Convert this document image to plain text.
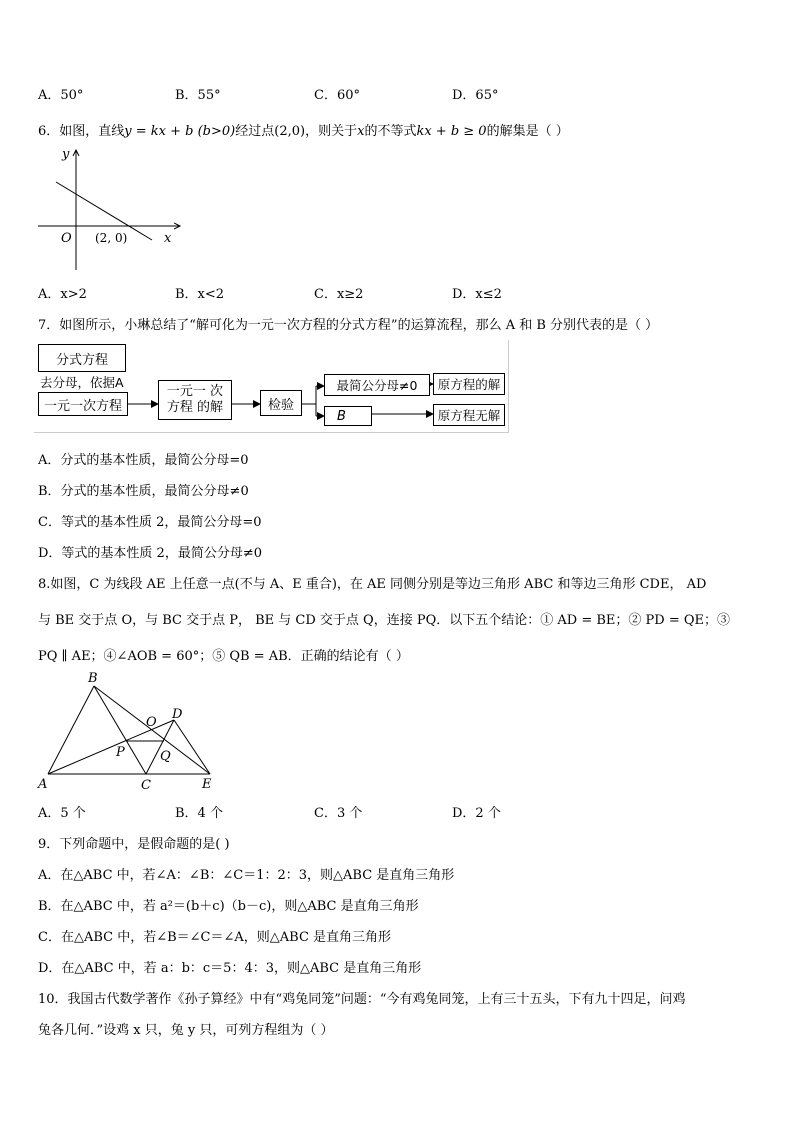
A．50°	B．55°	C．60°	D．65°
6．如图，直线y = kx + b (b>0)经过点(2,0)，则关于x的不等式kx + b ≥ 0的解集是（ ）
y
x
O (2, 0)
A．x>2	B．x<2	C．x≥2	D．x≤2
7．如图所示，小琳总结了“解可化为一元一次方程的分式方程”的运算流程，那么 A 和 B 分别代表的是（ ）
分式方程
去分母，依据A
一元一次方程
一元一 次
方程 的解	检验
最简公分母≠0
B
原方程的解
原方程无解
A．分式的基本性质，最简公分母=0
B．分式的基本性质，最简公分母≠0
C．等式的基本性质 2，最简公分母=0
D．等式的基本性质 2，最简公分母≠0
8.如图，C 为线段 AE 上任意一点(不与 A、E 重合)，在 AE 同侧分别是等边三角形 ABC 和等边三角形 CDE， AD
与 BE 交于点 O，与 BC 交于点 P， BE 与 CD 交于点 Q，连接 PQ．以下五个结论：① AD = BE；② PD = QE；③
PQ ∥ AE；④∠AOB = 60°；⑤ QB = AB．正确的结论有（ ）
B
D
O
P	Q
A	C	E
A．5 个	B．4 个	C．3 个	D．2 个
9．下列命题中，是假命题的是( )
A．在△ABC 中，若∠A：∠B：∠C＝1：2：3，则△ABC 是直角三角形
B．在△ABC 中，若 a²＝(b＋c)（b－c)，则△ABC 是直角三角形
C．在△ABC 中，若∠B＝∠C＝∠A，则△ABC 是直角三角形
D．在△ABC 中，若 a：b：c＝5：4：3，则△ABC 是直角三角形
10．我国古代数学著作《孙子算经》中有“鸡兔同笼”问题：“今有鸡兔同笼，上有三十五头，下有九十四足，问鸡
兔各几何．”设鸡 x 只，兔 y 只，可列方程组为（ ）
